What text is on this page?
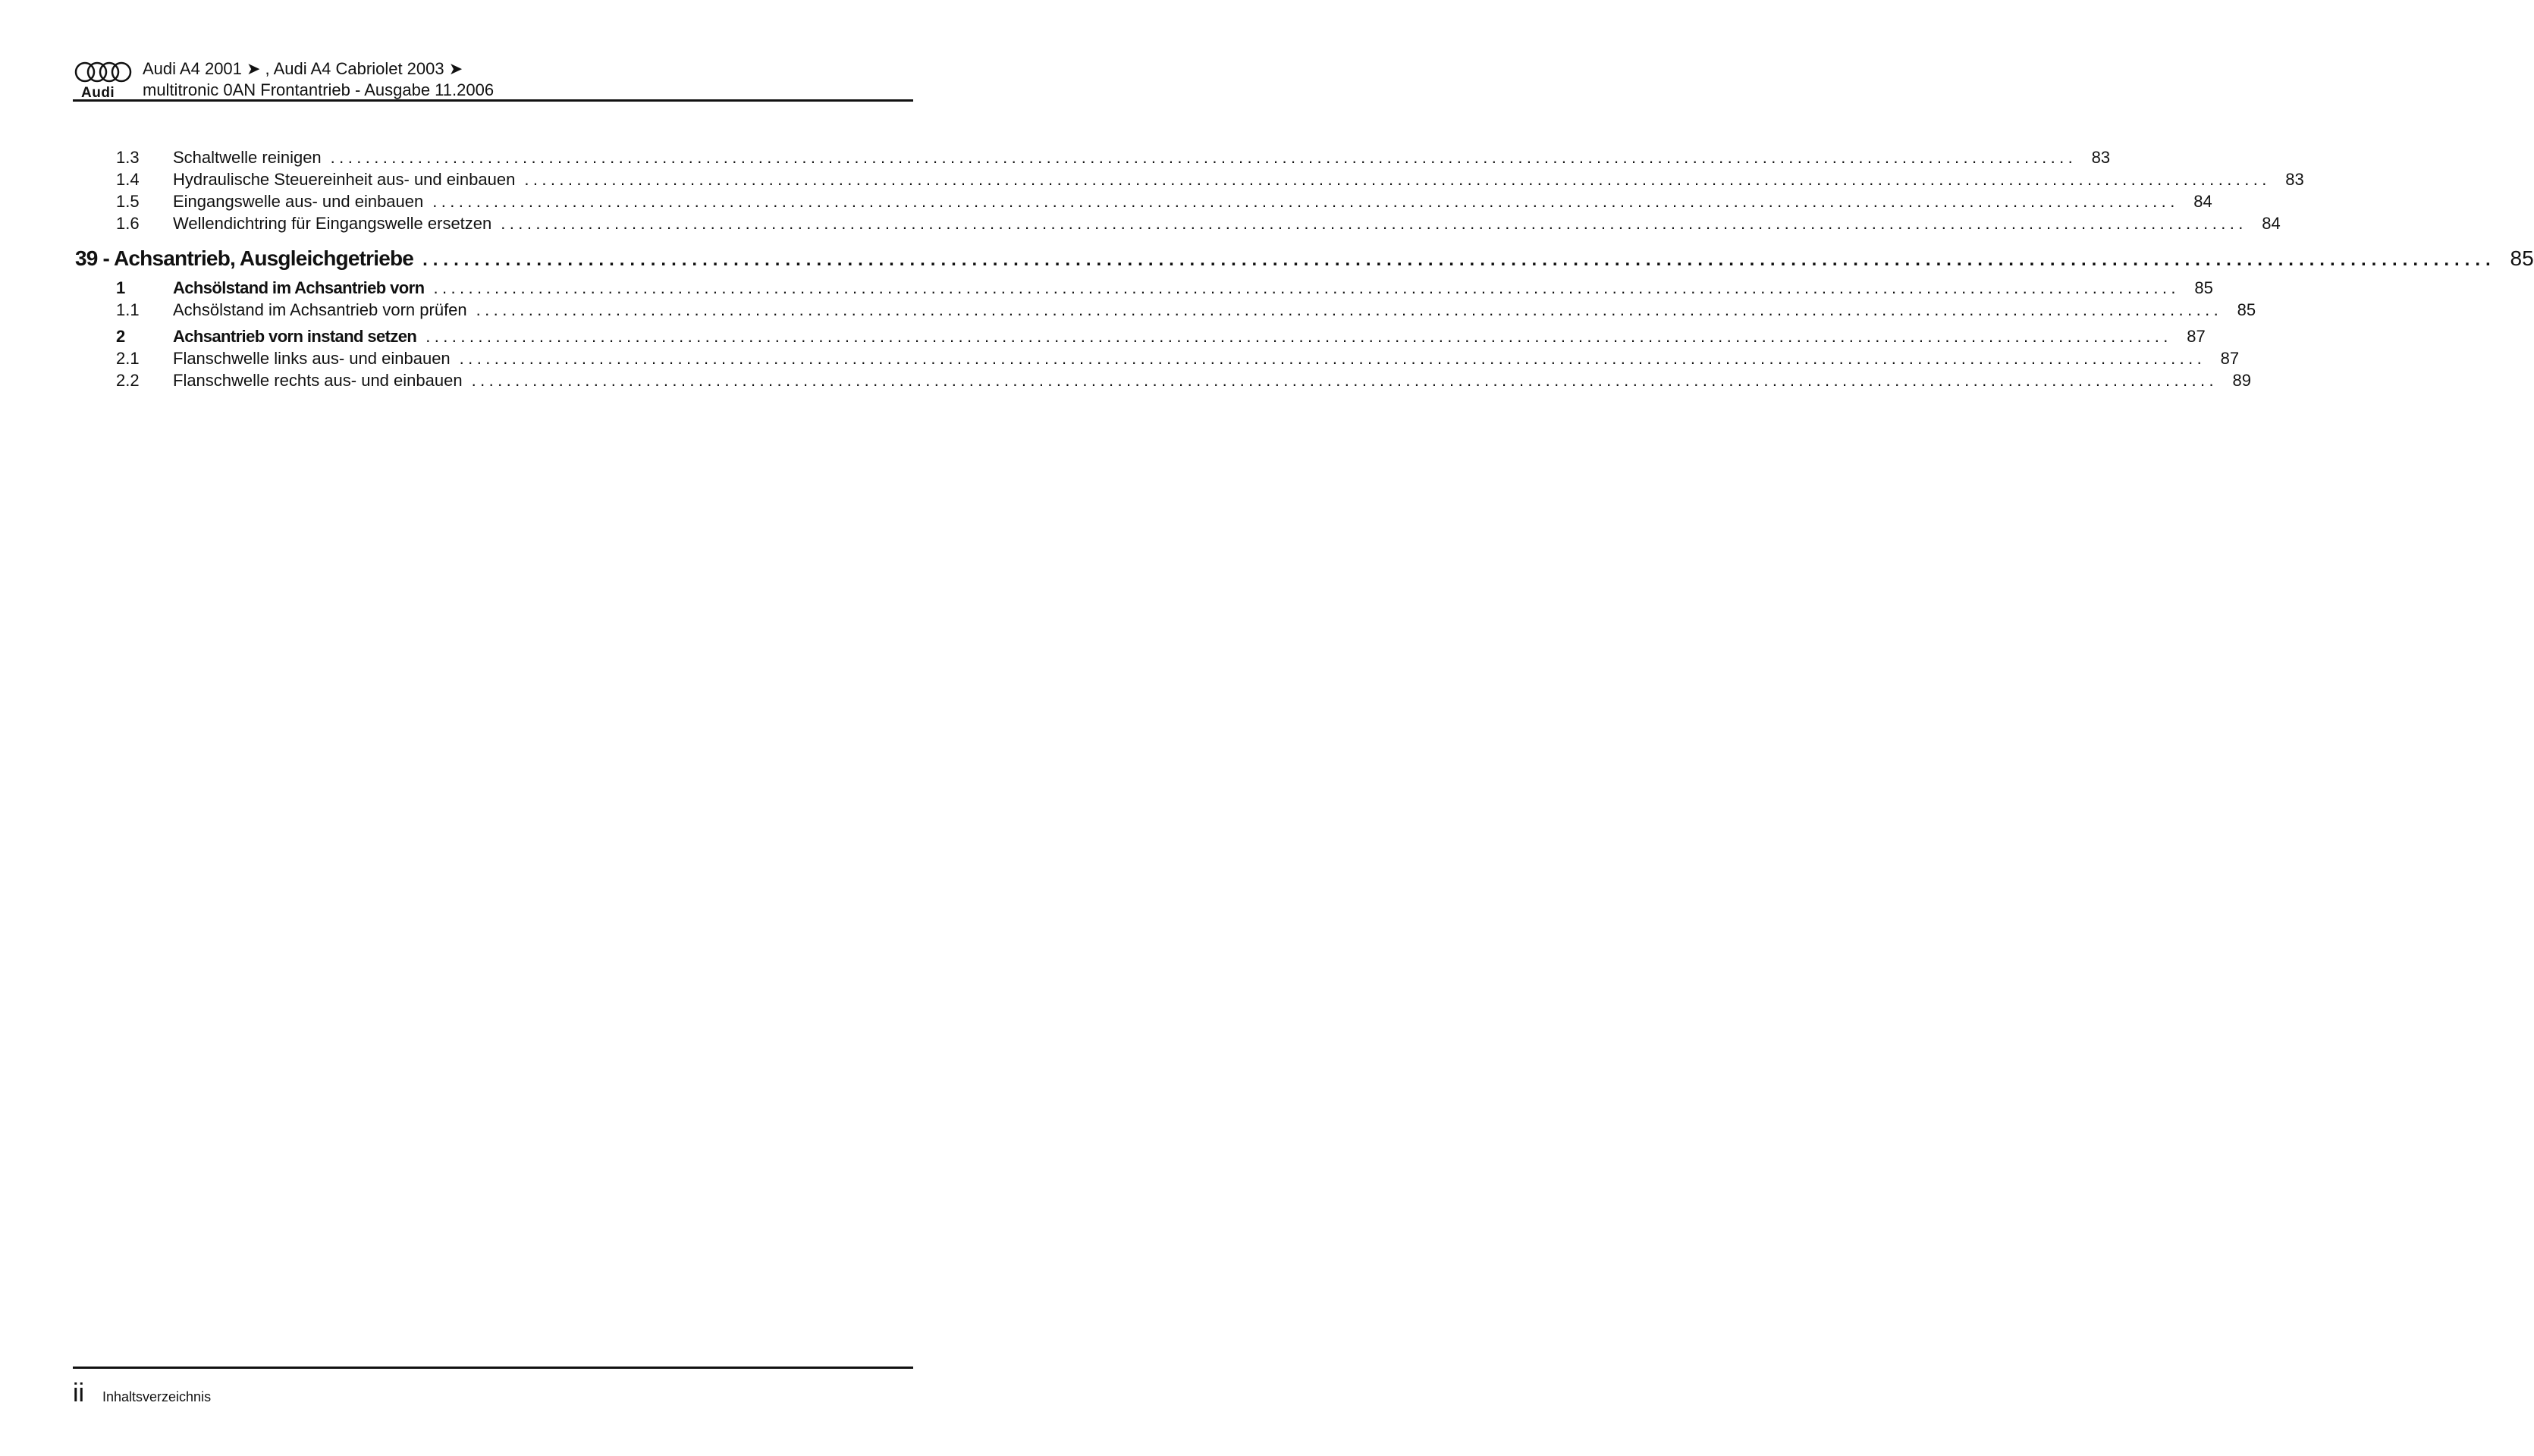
Audi A4 2001 ➤ , Audi A4 Cabriolet 2003 ➤
multitronic 0AN Frontantrieb - Ausgabe 11.2006
1.3	Schaltwelle reinigen ........................................................................................................................................................................................................ 83
1.4	Hydraulische Steuereinheit aus- und einbauen ........................................................................................................................................................................................................ 83
1.5	Eingangswelle aus- und einbauen ........................................................................................................................................................................................................ 84
1.6	Wellendichtring für Eingangswelle ersetzen ........................................................................................................................................................................................................ 84
39 - Achsantrieb, Ausgleichgetriebe ........................................................................................................................................................................................................ 85
1	Achsölstand im Achsantrieb vorn ........................................................................................................................................................................................................ 85
1.1	Achsölstand im Achsantrieb vorn prüfen ........................................................................................................................................................................................................ 85
2	Achsantrieb vorn instand setzen ........................................................................................................................................................................................................ 87
2.1	Flanschwelle links aus- und einbauen ........................................................................................................................................................................................................ 87
2.2	Flanschwelle rechts aus- und einbauen ........................................................................................................................................................................................................ 89
ii Inhaltsverzeichnis
Audi
